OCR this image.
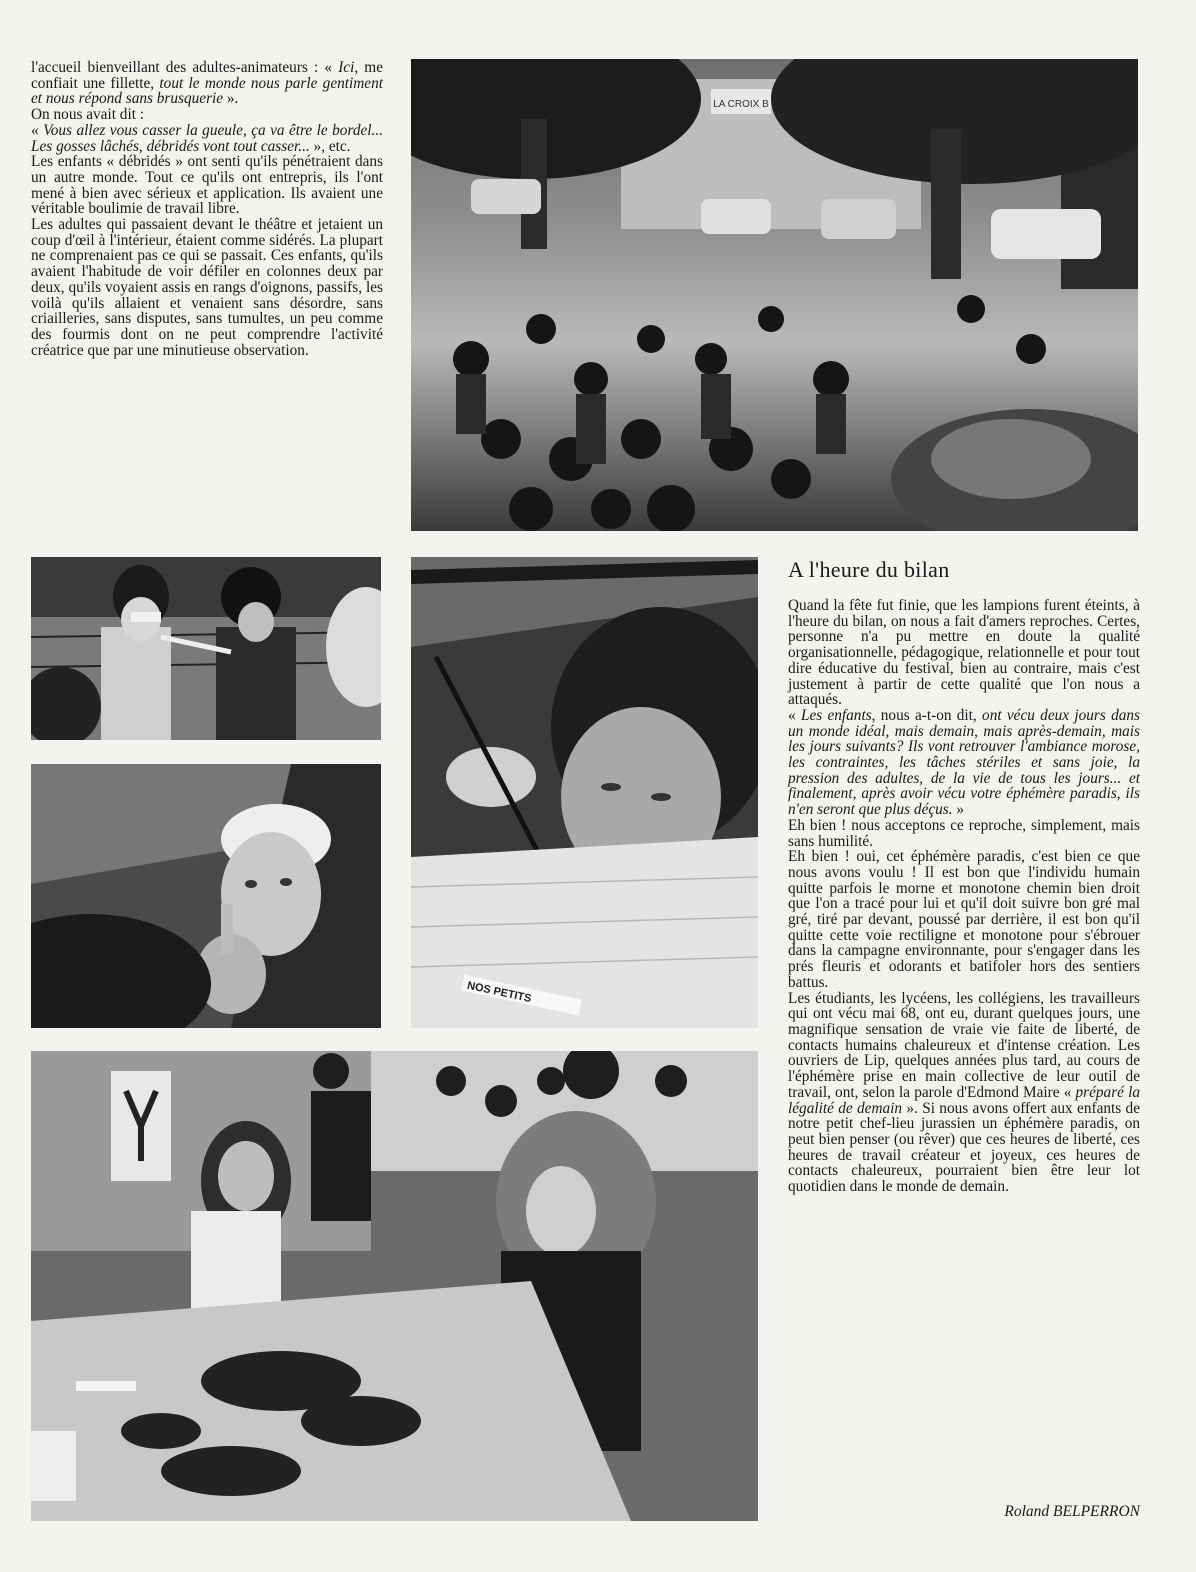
l'accueil bienveillant des adultes-animateurs : « Ici, me confiait une fillette, tout le monde nous parle gentiment et nous répond sans brusquerie ».

On nous avait dit :

« Vous allez vous casser la gueule, ça va être le bordel... Les gosses lâchés, débridés vont tout casser... », etc.

Les enfants « débridés » ont senti qu'ils pénétraient dans un autre monde. Tout ce qu'ils ont entrepris, ils l'ont mené à bien avec sérieux et application. Ils avaient une véritable boulimie de travail libre.

Les adultes qui passaient devant le théâtre et jetaient un coup d'œil à l'intérieur, étaient comme sidérés. La plupart ne comprenaient pas ce qui se passait. Ces enfants, qu'ils avaient l'habitude de voir défiler en colonnes deux par deux, qu'ils voyaient assis en rangs d'oignons, passifs, les voilà qu'ils allaient et venaient sans désordre, sans criailleries, sans disputes, sans tumultes, un peu comme des fourmis dont on ne peut comprendre l'activité créatrice que par une minutieuse observation.

LA CROIX B
NOS PETITS
A l'heure du bilan

Quand la fête fut finie, que les lampions furent éteints, à l'heure du bilan, on nous a fait d'amers reproches. Certes, personne n'a pu mettre en doute la qualité organisationnelle, pédagogique, relationnelle et pour tout dire éducative du festival, bien au contraire, mais c'est justement à partir de cette qualité que l'on nous a attaqués.

« Les enfants, nous a-t-on dit, ont vécu deux jours dans un monde idéal, mais demain, mais après-demain, mais les jours suivants? Ils vont retrouver l'ambiance morose, les contraintes, les tâches stériles et sans joie, la pression des adultes, de la vie de tous les jours... et finalement, après avoir vécu votre éphémère paradis, ils n'en seront que plus déçus. »

Eh bien ! nous acceptons ce reproche, simplement, mais sans humilité.

Eh bien ! oui, cet éphémère paradis, c'est bien ce que nous avons voulu ! Il est bon que l'individu humain quitte parfois le morne et monotone chemin bien droit que l'on a tracé pour lui et qu'il doit suivre bon gré mal gré, tiré par devant, poussé par derrière, il est bon qu'il quitte cette voie rectiligne et monotone pour s'ébrouer dans la campagne environnante, pour s'engager dans les prés fleuris et odorants et batifoler hors des sentiers battus.

Les étudiants, les lycéens, les collégiens, les travailleurs qui ont vécu mai 68, ont eu, durant quelques jours, une magnifique sensation de vraie vie faite de liberté, de contacts humains chaleureux et d'intense création. Les ouvriers de Lip, quelques années plus tard, au cours de l'éphémère prise en main collective de leur outil de travail, ont, selon la parole d'Edmond Maire « préparé la légalité de demain ». Si nous avons offert aux enfants de notre petit chef-lieu jurassien un éphémère paradis, on peut bien penser (ou rêver) que ces heures de liberté, ces heures de travail créateur et joyeux, ces heures de contacts chaleureux, pourraient bien être leur lot quotidien dans le monde de demain.

Roland BELPERRON
